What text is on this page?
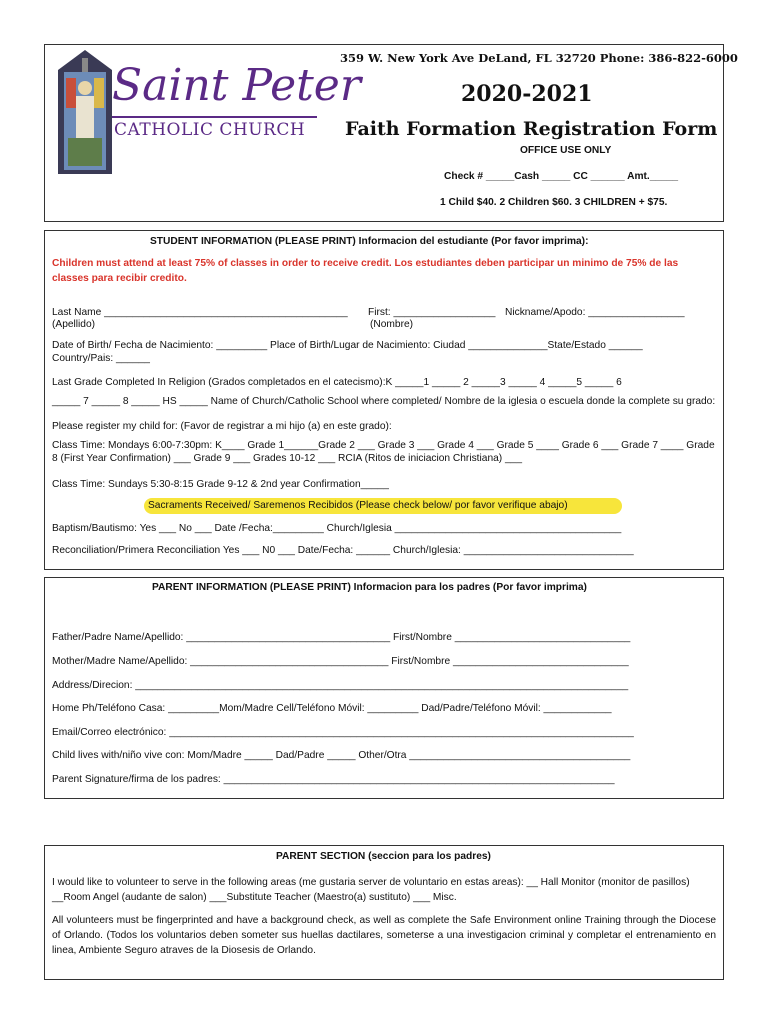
Saint Peter
CATHOLIC CHURCH
359 W. New York Ave DeLand, FL 32720 Phone: 386-822-6000
2020-2021
Faith Formation Registration Form
OFFICE USE ONLY
Check # _____Cash _____ CC ______ Amt._____
1 Child $40. 2 Children $60. 3 CHILDREN + $75.
STUDENT INFORMATION (PLEASE PRINT) Informacion del estudiante (Por favor imprima):
Children must attend at least 75% of classes in order to receive credit. Los estudiantes deben participar un minimo de 75% de las classes para recibir credito.
Last Name ___________________________________________ First: __________________ Nickname/Apodo: _________________
(Apellido)	(Nombre)
Date of Birth/ Fecha de Nacimiento: _________ Place of Birth/Lugar de Nacimiento: Ciudad ______________State/Estado ______
Country/Pais: ______
Last Grade Completed In Religion (Grados completados en el catecismo):K _____1 _____ 2 _____3 _____ 4 _____5 _____ 6
_____ 7 _____ 8 _____ HS _____ Name of Church/Catholic School where completed/ Nombre de la iglesia o escuela donde la complete su grado:
Please register my child for: (Favor de registrar a mi hijo (a) en este grado):
Class Time: Mondays 6:00-7:30pm: K____ Grade 1______Grade 2 ___ Grade 3 ___ Grade 4 ___ Grade 5 ____ Grade 6 ___ Grade 7 ____ Grade 8 (First Year Confirmation) ___ Grade 9 ___ Grades 10-12 ___ RCIA (Ritos de iniciacion Christiana) ___
Class Time: Sundays 5:30-8:15 Grade 9-12 & 2nd year Confirmation_____
Sacraments Received/ Saremenos Recibidos (Please check below/ por favor verifique abajo)
Baptism/Bautismo: Yes ___ No ___ Date /Fecha:_________ Church/Iglesia ________________________________________
Reconciliation/Primera Reconciliation Yes ___ N0 ___ Date/Fecha: ______ Church/Iglesia: ______________________________
PARENT INFORMATION (PLEASE PRINT) Informacion para los padres (Por favor imprima)
Father/Padre Name/Apellido: ____________________________________ First/Nombre _______________________________
Mother/Madre Name/Apellido: ___________________________________ First/Nombre _______________________________
Address/Direcion: _______________________________________________________________________________________
Home Ph/Teléfono Casa: _________Mom/Madre Cell/Teléfono Móvil: _________ Dad/Padre/Teléfono Móvil: ____________
Email/Correo electrónico: __________________________________________________________________________________
Child lives with/niño vive con: Mom/Madre _____ Dad/Padre _____ Other/Otra _______________________________________
Parent Signature/firma de los padres: _____________________________________________________________________
PARENT SECTION (seccion para los padres)
I would like to volunteer to serve in the following areas (me gustaria server de voluntario en estas areas): __ Hall Monitor (monitor de pasillos) __Room Angel (audante de salon) ___Substitute Teacher (Maestro(a) sustituto) ___ Misc.
All volunteers must be fingerprinted and have a background check, as well as complete the Safe Environment online Training through the Diocese of Orlando. (Todos los voluntarios deben someter sus huellas dactilares, someterse a una investigacion criminal y completar el entrenamiento en linea, Ambiente Seguro atraves de la Diosesis de Orlando.
